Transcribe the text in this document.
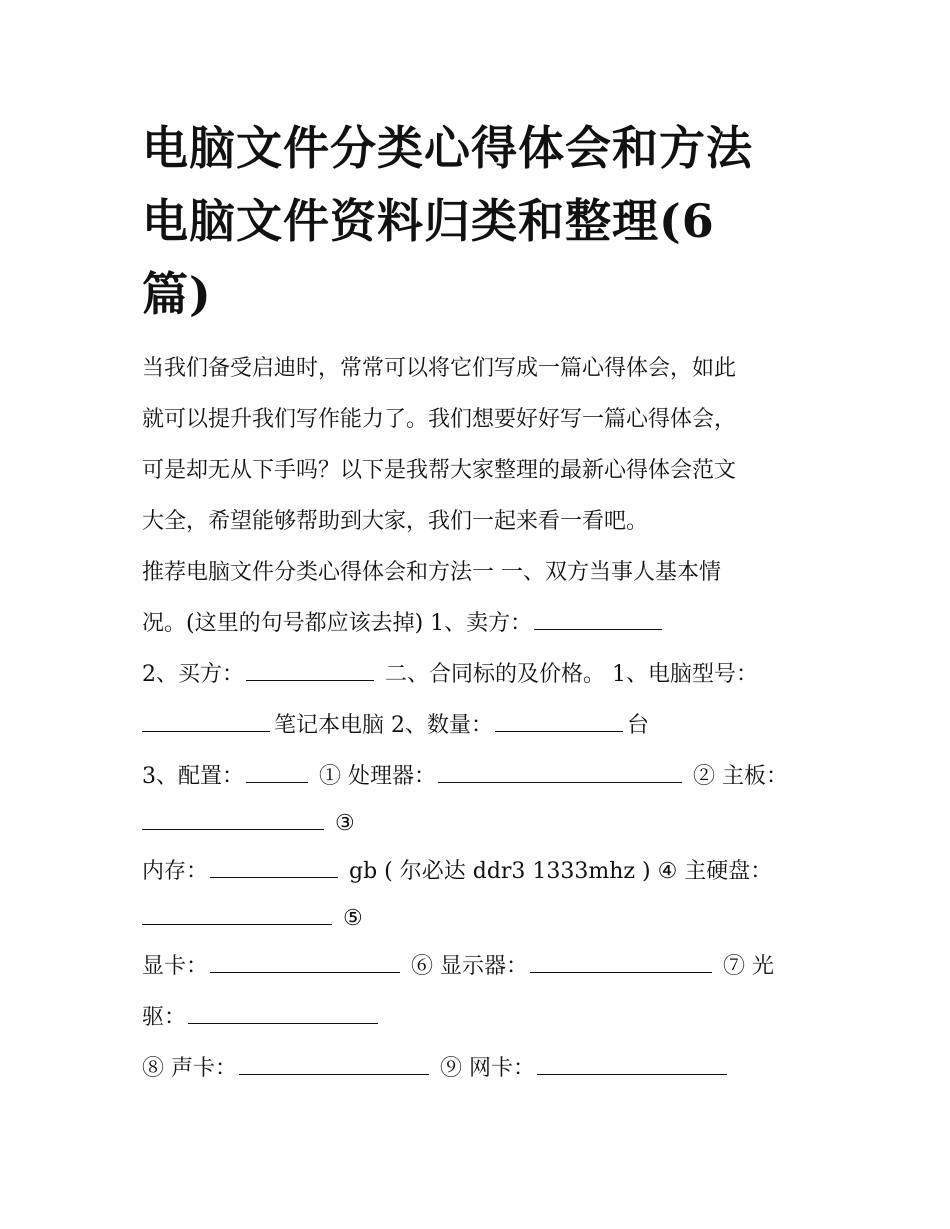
电脑文件分类心得体会和方法
电脑文件资料归类和整理(6
篇)
当我们备受启迪时，常常可以将它们写成一篇心得体会，如此
就可以提升我们写作能力了。我们想要好好写一篇心得体会，
可是却无从下手吗？以下是我帮大家整理的最新心得体会范文
大全，希望能够帮助到大家，我们一起来看一看吧。
推荐电脑文件分类心得体会和方法一 一、双方当事人基本情
况。(这里的句号都应该去掉) 1、卖方：
2、买方：	二、合同标的及价格。 1、电脑型号：
笔记本电脑 2、数量：	台
3、配置：	① 处理器：	② 主板：
③
内存：	gb ( 尔必达 ddr3 1333mhz ) ④ 主硬盘：
⑤
显卡：	⑥ 显示器：	⑦ 光
驱：
⑧ 声卡：	⑨ 网卡：
